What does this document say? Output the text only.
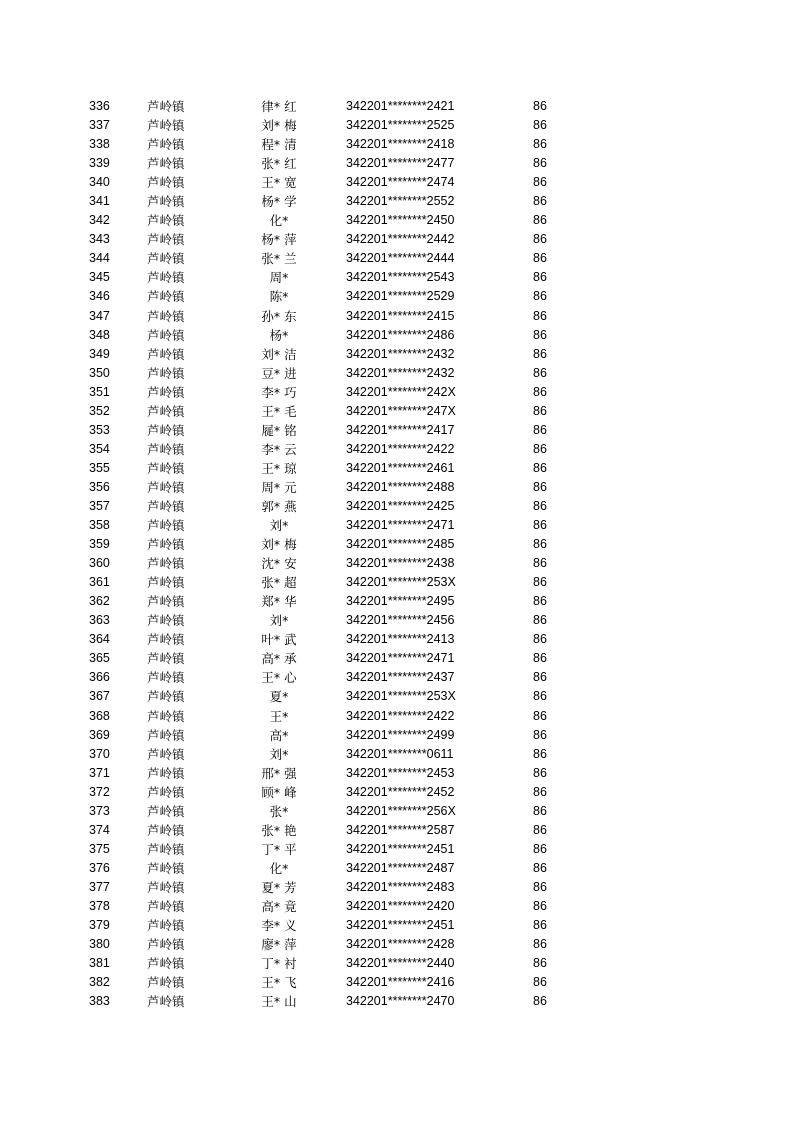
336	芦岭镇	律* 红	342201********2421	86
337	芦岭镇	刘* 梅	342201********2525	86
338	芦岭镇	程* 清	342201********2418	86
339	芦岭镇	张* 红	342201********2477	86
340	芦岭镇	王* 宽	342201********2474	86
341	芦岭镇	杨* 学	342201********2552	86
342	芦岭镇	化*	342201********2450	86
343	芦岭镇	杨* 萍	342201********2442	86
344	芦岭镇	张* 兰	342201********2444	86
345	芦岭镇	周*	342201********2543	86
346	芦岭镇	陈*	342201********2529	86
347	芦岭镇	孙* 东	342201********2415	86
348	芦岭镇	杨*	342201********2486	86
349	芦岭镇	刘* 洁	342201********2432	86
350	芦岭镇	豆* 进	342201********2432	86
351	芦岭镇	李* 巧	342201********242X	86
352	芦岭镇	王* 毛	342201********247X	86
353	芦岭镇	屣* 铭	342201********2417	86
354	芦岭镇	李* 云	342201********2422	86
355	芦岭镇	王* 琼	342201********2461	86
356	芦岭镇	周* 元	342201********2488	86
357	芦岭镇	郭* 燕	342201********2425	86
358	芦岭镇	刘*	342201********2471	86
359	芦岭镇	刘* 梅	342201********2485	86
360	芦岭镇	沈* 安	342201********2438	86
361	芦岭镇	张* 超	342201********253X	86
362	芦岭镇	郑* 华	342201********2495	86
363	芦岭镇	刘*	342201********2456	86
364	芦岭镇	叶* 武	342201********2413	86
365	芦岭镇	高* 承	342201********2471	86
366	芦岭镇	王* 心	342201********2437	86
367	芦岭镇	夏*	342201********253X	86
368	芦岭镇	王*	342201********2422	86
369	芦岭镇	高*	342201********2499	86
370	芦岭镇	刘*	342201********0611	86
371	芦岭镇	邢* 强	342201********2453	86
372	芦岭镇	顾* 峰	342201********2452	86
373	芦岭镇	张*	342201********256X	86
374	芦岭镇	张* 艳	342201********2587	86
375	芦岭镇	丁* 平	342201********2451	86
376	芦岭镇	化*	342201********2487	86
377	芦岭镇	夏* 芳	342201********2483	86
378	芦岭镇	高* 竟	342201********2420	86
379	芦岭镇	李* 义	342201********2451	86
380	芦岭镇	廖* 萍	342201********2428	86
381	芦岭镇	丁* 衬	342201********2440	86
382	芦岭镇	王* 飞	342201********2416	86
383	芦岭镇	王* 山	342201********2470	86
